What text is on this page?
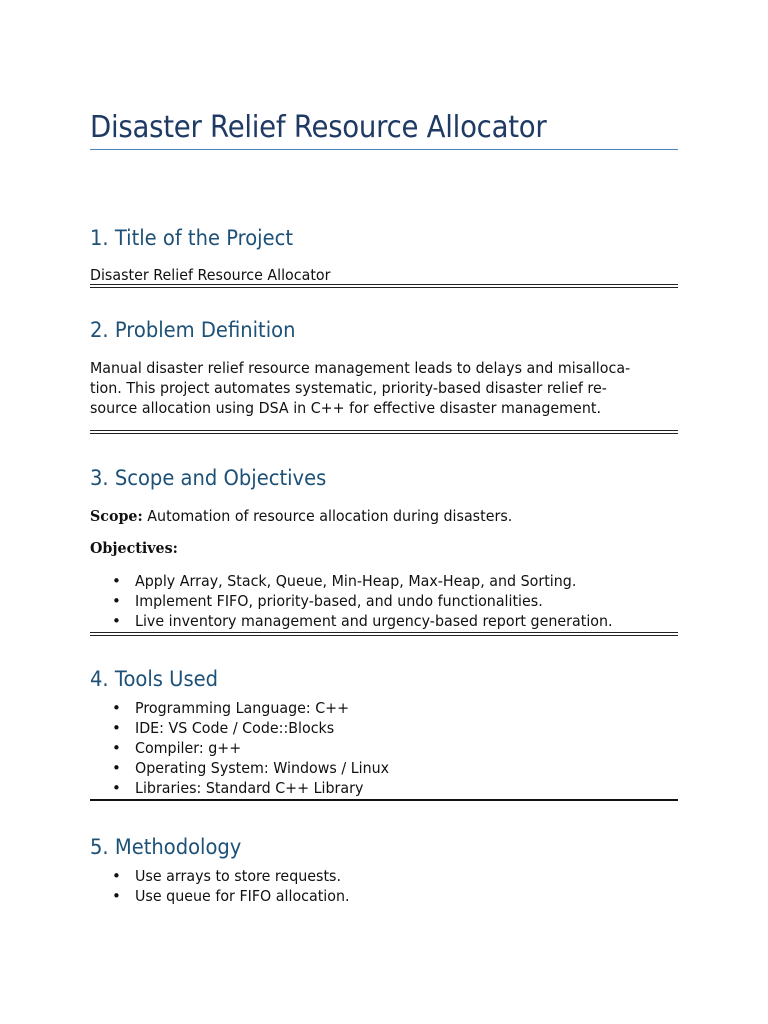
Disaster Relief Resource Allocator
1. Title of the Project

Disaster Relief Resource Allocator

2. Problem Definition

Manual disaster relief resource management leads to delays and misalloca-

tion. This project automates systematic, priority-based disaster relief re-

source allocation using DSA in C++ for effective disaster management.

3. Scope and Objectives

Scope: Automation of resource allocation during disasters.

Objectives:

• Apply Array, Stack, Queue, Min-Heap, Max-Heap, and Sorting.
• Implement FIFO, priority-based, and undo functionalities.
• Live inventory management and urgency-based report generation.
4. Tools Used
• Programming Language: C++
• IDE: VS Code / Code::Blocks
• Compiler: g++
• Operating System: Windows / Linux
• Libraries: Standard C++ Library
5. Methodology
• Use arrays to store requests.
• Use queue for FIFO allocation.
